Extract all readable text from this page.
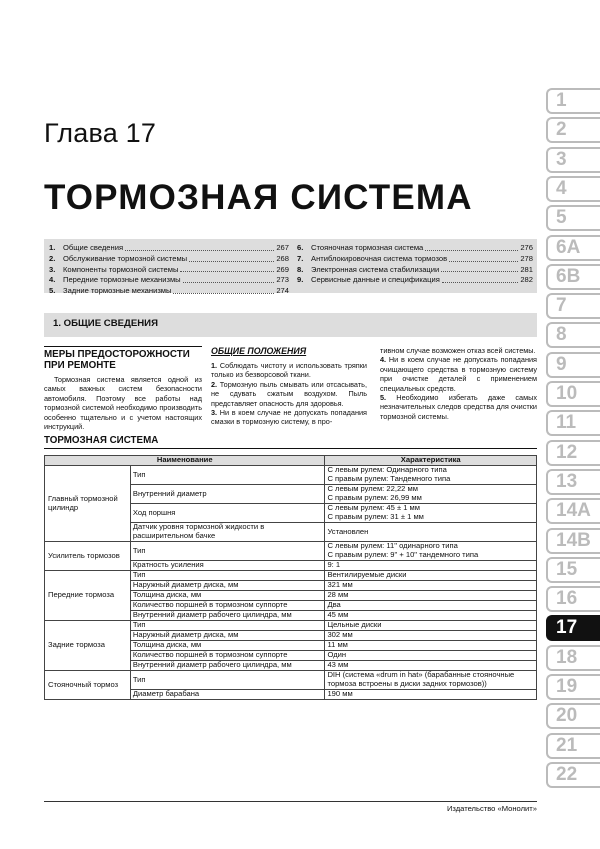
Глава 17
ТОРМОЗНАЯ СИСТЕМА
1.	Общие сведения	267
2.	Обслуживание тормозной системы	268
3.	Компоненты тормозной системы	269
4.	Передние тормозные механизмы	273
5.	Задние тормозные механизмы	274
6.	Стояночная тормозная система	276
7.	Антиблокировочная система тормозов	278
8.	Электронная система стабилизации	281
9.	Сервисные данные и спецификация	282
1. ОБЩИЕ СВЕДЕНИЯ
МЕРЫ ПРЕДОСТОРОЖНОСТИ ПРИ РЕМОНТЕ

Тормозная система является одной из самых важных систем безопасности автомобиля. Поэтому все работы над тормозной системой необходимо производить особенно тщательно и с учетом настоящих инструкций.

ОБЩИЕ ПОЛОЖЕНИЯ

1. Соблюдать чистоту и использовать тряпки только из безворсовой ткани.

2. Тормозную пыль смывать или отсасывать, не сдувать сжатым воздухом. Пыль представляет опасность для здоровья.

3. Ни в коем случае не допускать попадания смазки в тормозную систему, в про-

тивном случае возможен отказ всей системы.

4. Ни в коем случае не допускать попадания очищающего средства в тормозную систему при очистке деталей с применением специальных средств.

5. Необходимо избегать даже самых незначительных следов средства для очистки тормозной системы.

ТОРМОЗНАЯ СИСТЕМА
Наименование		Характеристика
Главный тормозной цилиндр	Тип	С левым рулем: Одинарного типа
С правым рулем: Тандемного типа

	Внутренний диаметр	С левым рулем: 22,22 мм
С правым рулем: 26,99 мм

	Ход поршня	С левым рулем: 45 ± 1 мм
С правым рулем: 31 ± 1 мм

	Датчик уровня тормозной жидкости в расширительном бачке	Установлен

Усилитель тормозов	Тип	С левым рулем: 11" одинарного типа
С правым рулем: 9" + 10" тандемного типа

	Кратность усиления	9: 1

Передние тормоза	Тип	Вентилируемые диски

	Наружный диаметр диска, мм	321 мм

	Толщина диска, мм	28 мм

	Количество поршней в тормозном суппорте	Два

	Внутренний диаметр рабочего цилиндра, мм	45 мм

Задние тормоза	Тип	Цельные диски

	Наружный диаметр диска, мм	302 мм

	Толщина диска, мм	11 мм

	Количество поршней в тормозном суппорте	Один

	Внутренний диаметр рабочего цилиндра, мм	43 мм

Стояночный тормоз	Тип	DIH (система «drum in hat» (барабанные стояночные
тормоза встроены в диски задних тормозов))

	Диаметр барабана	190 мм
Издательство «Монолит»
1
2
3
4
5
6A
6B
7
8
9
10
11
12
13
14A
14B
15
16
17
18
19
20
21
22
